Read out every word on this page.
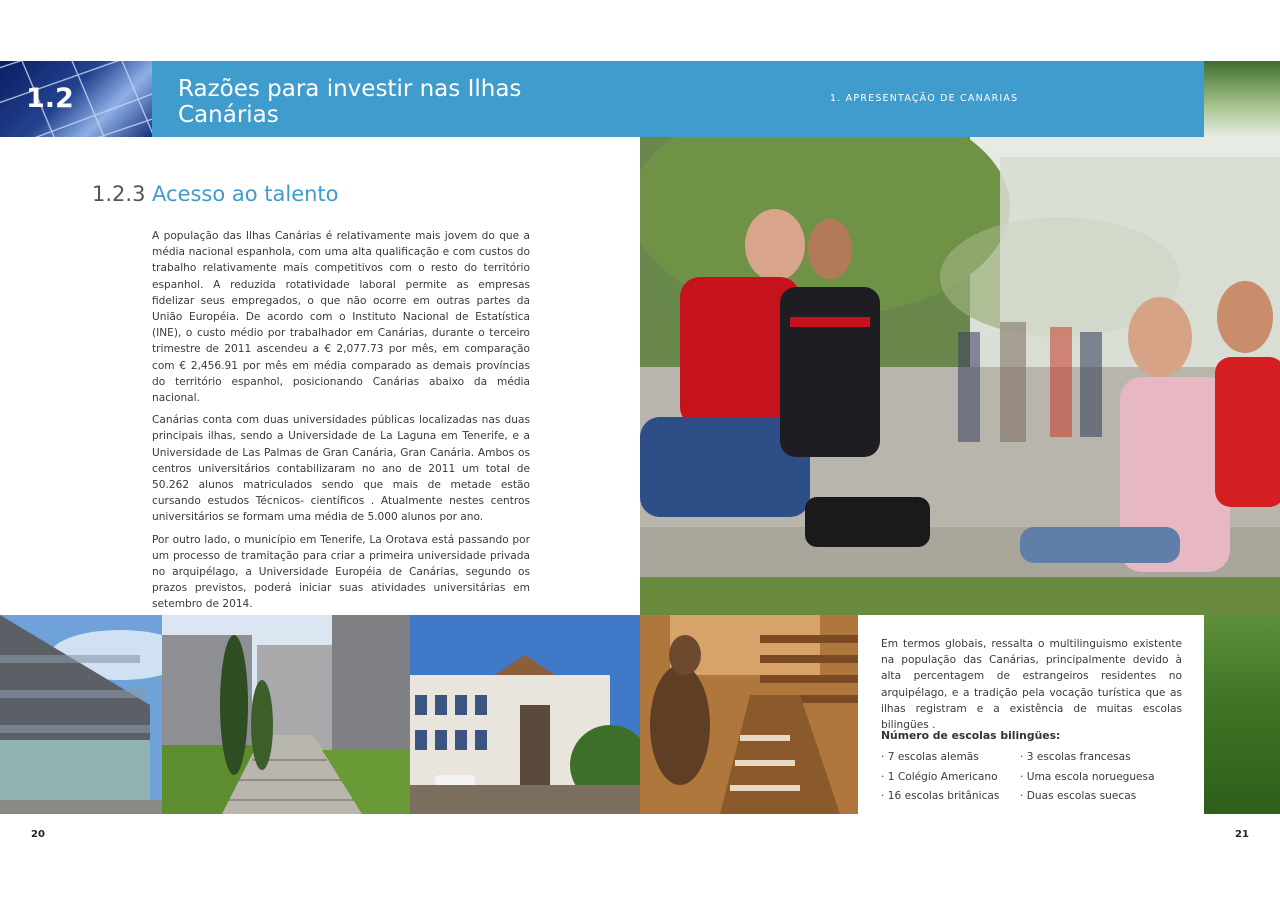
1.2	Razões para investir nas Ilhas Canárias
1. APRESENTAÇÃO DE CANARIAS
1.2.3 Acesso ao talento

A população das Ilhas Canárias é relativamente mais jovem do que a média nacional espanhola, com uma alta qualificação e com custos do trabalho relativamente mais competitivos com o resto do território espanhol. A reduzida rotatividade laboral permite as empresas fidelizar seus empregados, o que não ocorre em outras partes da União Européia. De acordo com o Instituto Nacional de Estatística (INE), o custo médio por trabalhador em Canárias, durante o terceiro trimestre de 2011 ascendeu a € 2,077.73 por mês, em comparação com € 2,456.91 por mês em média comparado as demais províncias do território espanhol, posicionando Canárias abaixo da média nacional.

Canárias conta com duas universidades públicas localizadas nas duas principais ilhas, sendo a Universidade de La Laguna em Tenerife, e a Universidade de Las Palmas de Gran Canária, Gran Canária. Ambos os centros universitários contabilizaram no ano de 2011 um total de 50.262 alunos matriculados sendo que mais de metade estão cursando estudos Técnicos- científicos . Atualmente nestes centros universitários se formam uma média de 5.000 alunos por ano.

Por outro lado, o município em Tenerife, La Orotava está passando por um processo de tramitação para criar a primeira universidade privada no arquipélago, a Universidade Européia de Canárias, segundo os prazos previstos, poderá iniciar suas atividades universitárias em setembro de 2014.

Em termos globais, ressalta o multilinguismo existente na população das Canárias, principalmente devido à alta percentagem de estrangeiros residentes no arquipélago, e a tradição pela vocação turística que as ilhas registram e a existência de muitas escolas bilingües .
Número de escolas bilingües:
· 7 escolas alemãs	· 3 escolas francesas
· 1 Colégio Americano · Uma escola norueguesa
· 16 escolas britânicas · Duas escolas suecas
20	21
